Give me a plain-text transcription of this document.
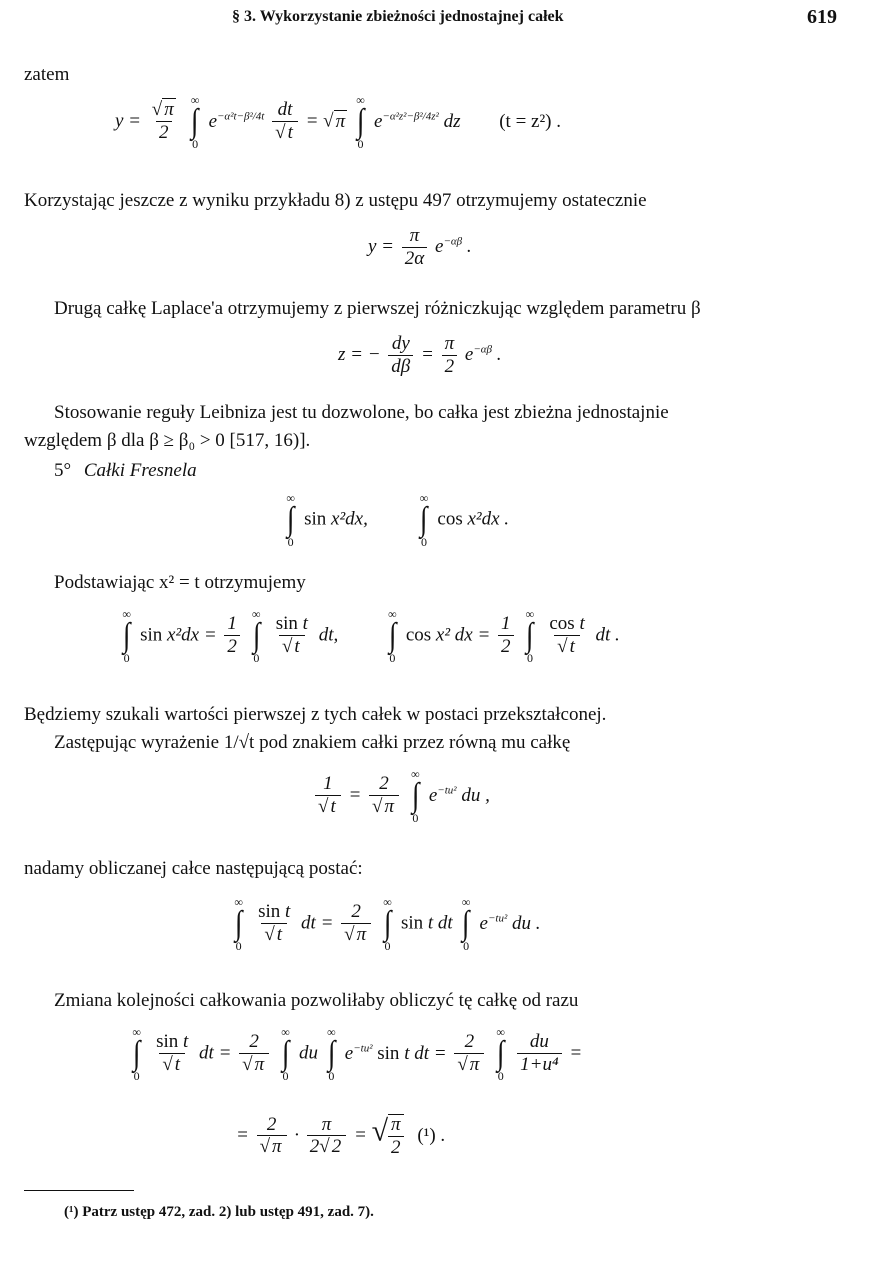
§ 3. Wykorzystanie zbieżności jednostajnej całek	619
zatem
$y = \frac{√ \pi}{2}$

∞
∫
0
$e^{-\alpha^2t-\beta^2/4t} \frac{dt}{√ t}$ = √ π
∞
∫
0
$e^{-\alpha^2z^2-\beta^2/4z^2}$ dz (t = z²) .
Korzystając jeszcze z wyniku przykładu 8) z ustępu 497 otrzymujemy ostatecznie
$y = \frac{\pi}{2\alpha} e^{-\alpha\beta}$ .
Drugą całkę Laplace'a otrzymujemy z pierwszej różniczkując względem parametru β
z = − $\frac{dy}{d\beta} = \frac{\pi}{2} e^{-\alpha\beta}$ .
Stosowanie reguły Leibniza jest tu dozwolone, bo całka jest zbieżna jednostajnie
względem β dla β ≥ β₀ > 0 [517, 16)].
5° Całki Fresnela
∞
∫
0
sin x²dx,
∞
∫
0
cos x²dx .
Podstawiając x² = t otrzymujemy
∞
∫
0
$\sin x^2dx = \frac{1}{2}$

∞
∫
0

$\frac{\text{sin t}}{√ t}$ dt,
∞
∫
0
cos x² dx = $\frac{1}{2}$

∞
∫
0

$\frac{\text{cos t}}{√ t}$ dt .
Będziemy szukali wartości pierwszej z tych całek w postaci przekształconej.
Zastępując wyrażenie 1/√t pod znakiem całki przez równą mu całkę
$\frac{1}{√ t} = \frac{2}{√ \pi}$

∞
∫
0
$e^{-tu^2}$ du ,
nadamy obliczanej całce następującą postać:
∞
∫
0

$\frac{\text{sin t}}{√ t}$ dt = $\frac{2}{√ \pi}$

∞
∫
0
sin t dt
∞
∫
0
$e^{-tu^2}$ du .
Zmiana kolejności całkowania pozwoliłaby obliczyć tę całkę od razu
∞
∫
0

$\frac{\text{sin t}}{√ t}$ dt = $\frac{2}{√ \pi}$

∞
∫
0
du
∞
∫
0
$e^{-tu^2}$ sin t dt = $\frac{2}{√ \pi}$

∞
∫
0

$\frac{du}{\text{1+u⁴}}$ =
= $\frac{2}{√ \pi} \cdot \frac{\pi}{2√ 2}$ = √ $\frac{\pi}{2} (^1)$ .
(¹) Patrz ustęp 472, zad. 2) lub ustęp 491, zad. 7).
